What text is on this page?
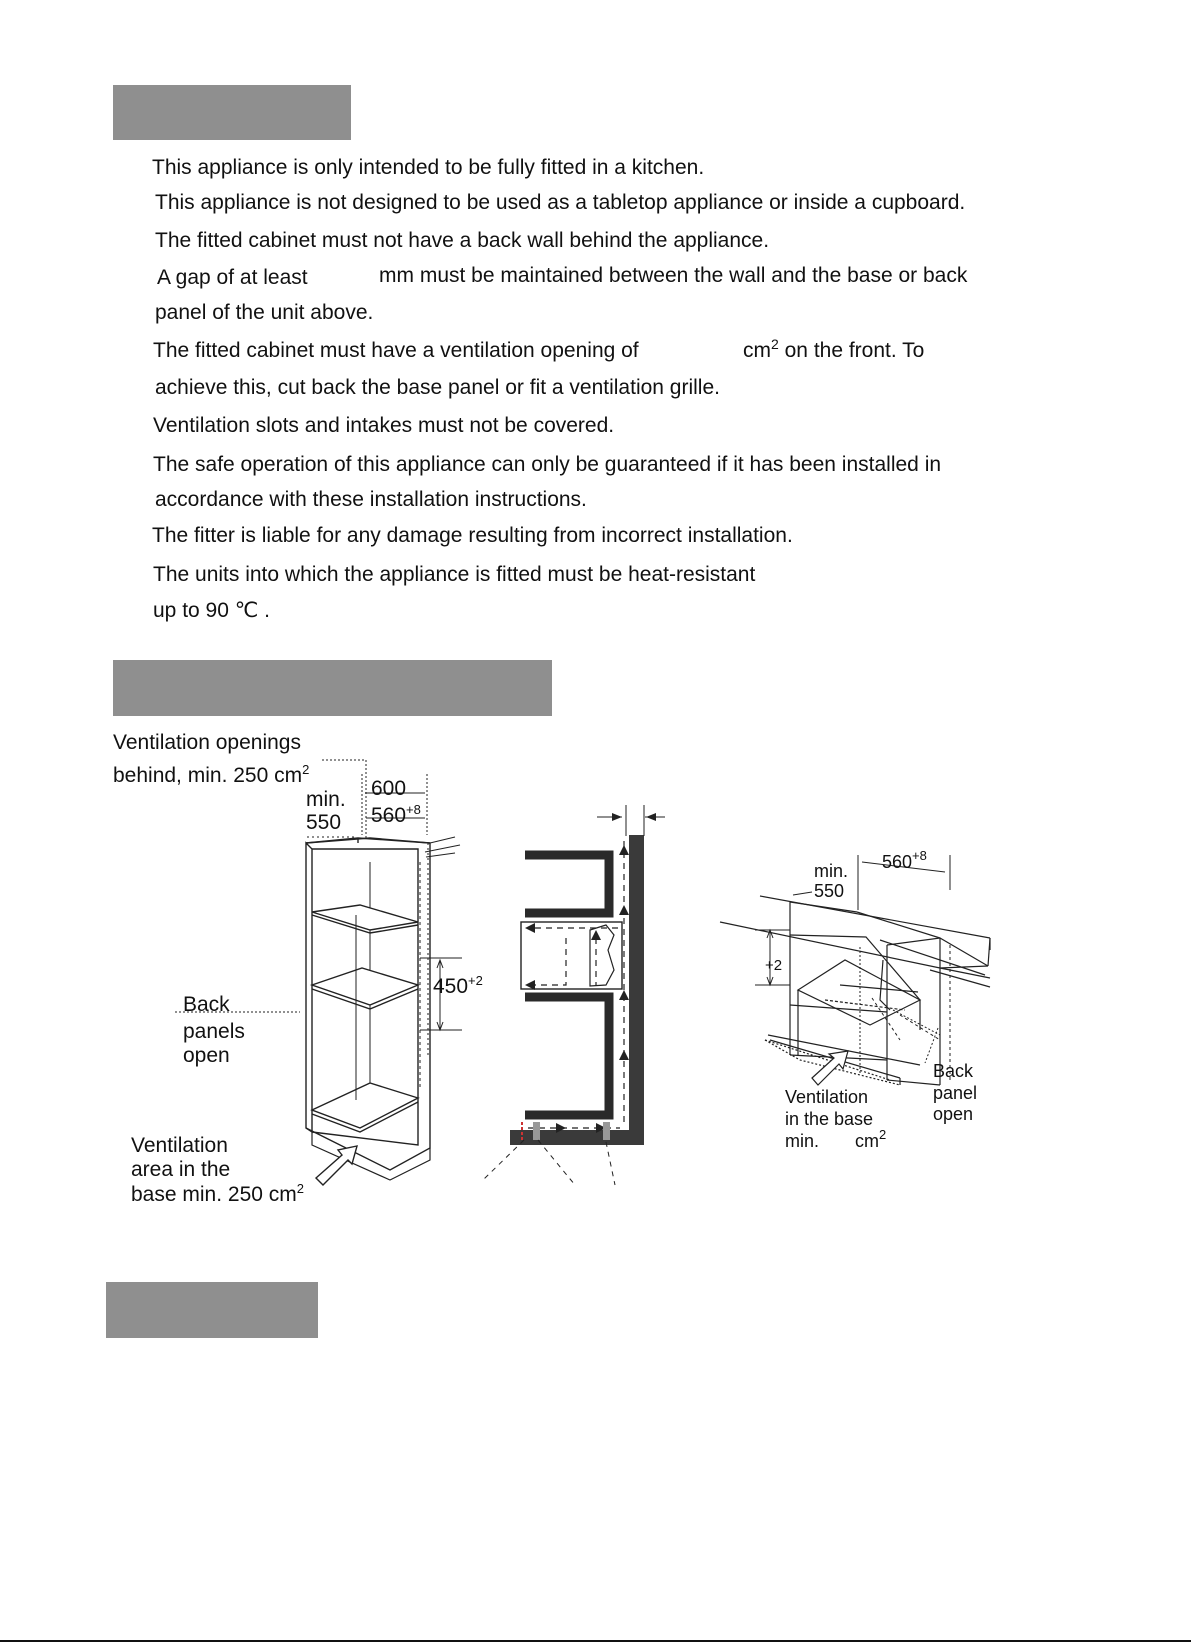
This appliance is only intended to be fully fitted in a kitchen.
This appliance is not designed to be used as a tabletop appliance or inside a cupboard.
The fitted cabinet must not have a back wall behind the appliance.
A gap of at least	mm must be maintained between the wall and the base or back
panel of the unit above.
The fitted cabinet must have a ventilation opening of	$cm^2$ on the front. To
achieve this, cut back the base panel or fit a ventilation grille.
Ventilation slots and intakes must not be covered.
The safe operation of this appliance can only be guaranteed if it has been installed in
accordance with these installation instructions.
The fitter is liable for any damage resulting from incorrect installation.
The units into which the appliance is fitted must be heat-resistant
up to 90 ℃ .
Ventilation openings
behind, min. 250 $cm^2$
min.
550
600
$560^{+8}$
$450^{+2}$
Back
panels
open
Ventilation
area in the
base min. 250 $cm^2$
min.
550
$560^{+8}$
+2
Ventilation
in the base
min. $cm^2$
Back
panel
open
